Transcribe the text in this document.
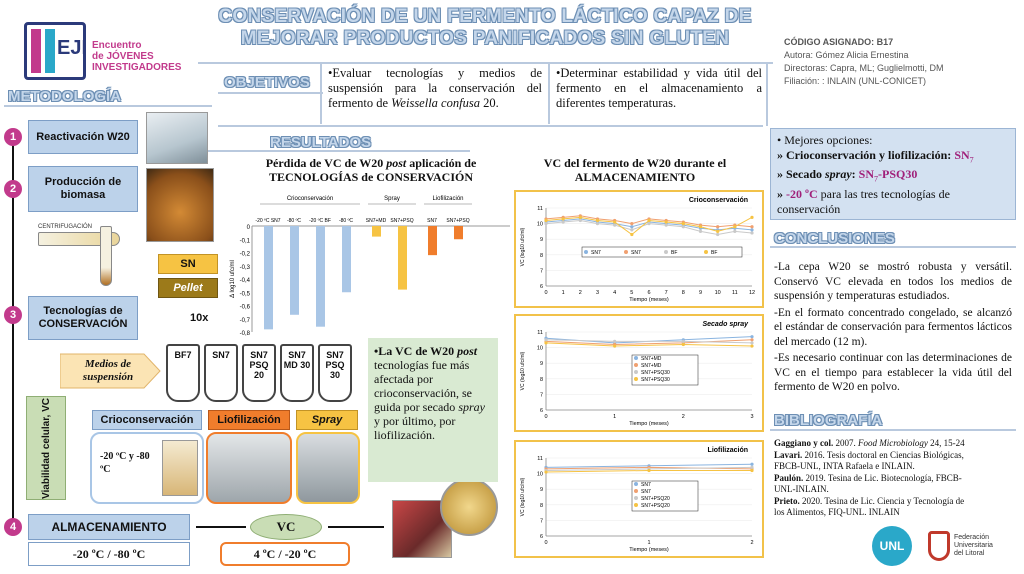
EJI Encuentro
de JÓVENES
INVESTIGADORES
CONSERVACIÓN DE UN FERMENTO LÁCTICO CAPAZ DE
MEJORAR PRODUCTOS PANIFICADOS SIN GLUTEN	CÓDIGO ASIGNADO: B17
Autora: Gómez Alicia Ernestina
Directoras: Capra, ML; Guglielmotti, DM
Filiación: : INLAIN (UNL-CONICET)
OBJETIVOS
•Evaluar tecnologías y medios de suspensión para la conservación del fermento de Weissella confusa 20.
•Determinar estabilidad y vida útil del fermento en el almacenamiento a diferentes temperaturas.
METODOLOGÍA
1	Reactivación W20
2
Producción de biomasa
CENTRIFUGACIÓN
SN
Pellet
3	Tecnologías de CONSERVACIÓN	10x
Medios de suspensión
BF7	SN7	SN7 PSQ 20
SN7 MD 30
SN7 PSQ 30
Viabilidad celular, VC	Crioconservación	Liofilización	Spray
-20 ºC y -80 ºC
4	ALMACENAMIENTO
-20 ºC / -80 ºC
VC
4 ºC / -20 ºC
RESULTADOS
Pérdida de VC de W20 post aplicación de TECNOLOGÍAS de CONSERVACIÓN
0
-0,1
-0,2
-0,3
-0,4
-0,5
-0,6
-0,7
-0,8
Δ log10 ufc/ml
-20 ºC SN7 -80 ºC -20 ºC BF -80 ºC
Crioconservación
SN7+MD SN7+PSQ
Spray
SN7 SN7+PSQ
Liofilización
VC del fermento de W20 durante el ALMACENAMIENTO
Crioconservación
6
7
8
9
10
11
0	1	2	3	4	5	6	7	8	9 10 11 12
Tiempo (meses)
VC (log10 ufc/ml)	SN7	SN7	BF	BF
Secado spray
6
7
8
9
10
11
0	1	2	3
Tiempo (meses)
VC (log10 ufc/ml)	SN7+MD
SN7+MD
SN7+PSQ30
SN7+PSQ30
Liofilización
6
7
8
9
10
11
0	1	2
Tiempo (meses)
VC (log10 ufc/ml)	SN7
SN7
SN7+PSQ20
SN7+PSQ20
•La VC de W20 post tecnologías fue más afectada por crioconservación, se guida por secado spray y por último, por liofilización.
• Mejores opciones:
» Crioconservación y liofilización: $SN_7$
» Secado spray: $SN_7-PSQ30$
» -20 ºC para las tres tecnologías de conservación
CONCLUSIONES

-La cepa W20 se mostró robusta y versátil. Conservó VC elevada en todos los medios de suspensión y temperaturas estudiados.

-En el formato concentrado congelado, se alcanzó el estándar de conservación para fermentos lácticos del mercado (12 m).

-Es necesario continuar con las determinaciones de VC en el tiempo para establecer la vida útil del fermento de W20 en polvo.

BIBLIOGRAFÍA

Gaggiano y col. 2007. Food Microbiology 24, 15-24

Lavari. 2016. Tesis doctoral en Ciencias Biológicas, FBCB-UNL, INTA Rafaela e INLAIN.

Paulón. 2019. Tesina de Lic. Biotecnología, FBCB-UNL-INLAIN.

Prieto. 2020. Tesina de Lic. Ciencia y Tecnología de los Alimentos, FIQ-UNL. INLAIN

UNL
Federación
Universitaria
del Litoral
